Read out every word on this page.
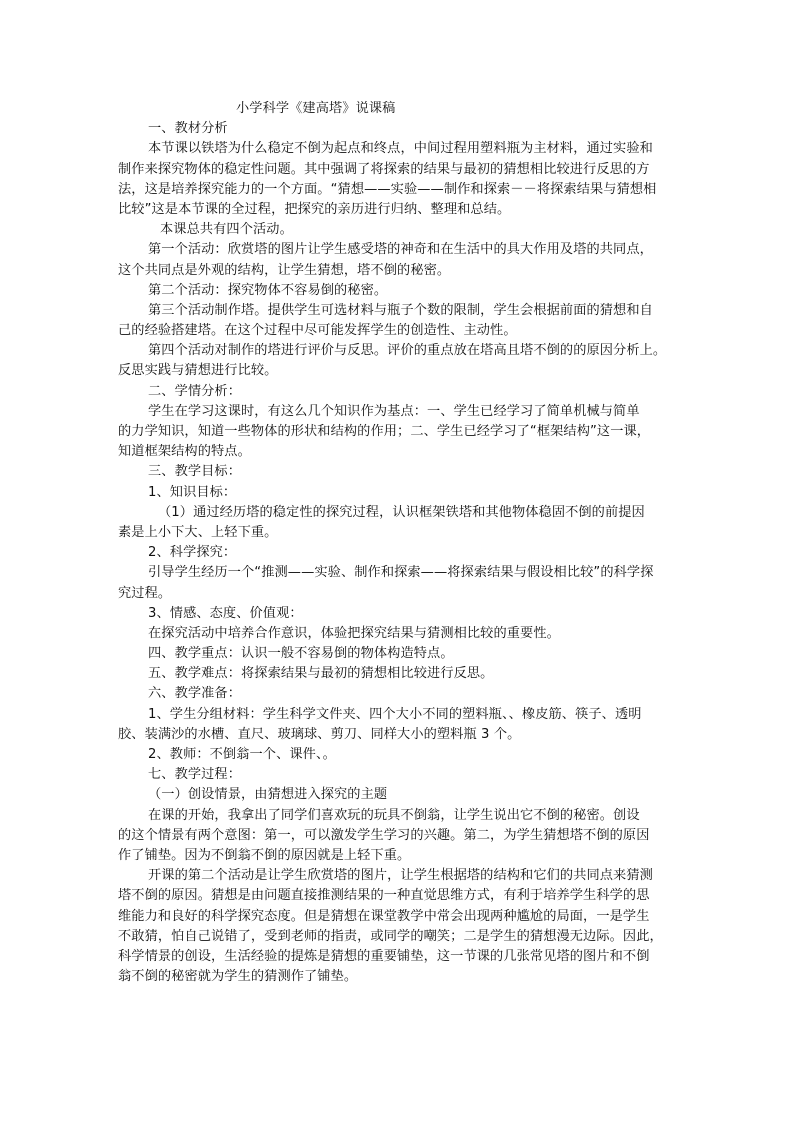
小学科学《建高塔》说课稿
一、教材分析
本节课以铁塔为什么稳定不倒为起点和终点，中间过程用塑料瓶为主材料，通过实验和
制作来探究物体的稳定性问题。其中强调了将探索的结果与最初的猜想相比较进行反思的方
法，这是培养探究能力的一个方面。“猜想——实验——制作和探索－－将探索结果与猜想相
比较”这是本节课的全过程，把探究的亲历进行归纳、整理和总结。
本课总共有四个活动。
第一个活动：欣赏塔的图片让学生感受塔的神奇和在生活中的具大作用及塔的共同点，
这个共同点是外观的结构，让学生猜想，塔不倒的秘密。
第二个活动：探究物体不容易倒的秘密。
第三个活动制作塔。提供学生可选材料与瓶子个数的限制，学生会根据前面的猜想和自
己的经验搭建塔。在这个过程中尽可能发挥学生的创造性、主动性。
第四个活动对制作的塔进行评价与反思。评价的重点放在塔高且塔不倒的的原因分析上。
反思实践与猜想进行比较。
二、学情分析：
学生在学习这课时，有这么几个知识作为基点：一、学生已经学习了简单机械与简单
的力学知识，知道一些物体的形状和结构的作用；二、学生已经学习了“框架结构”这一课，
知道框架结构的特点。
三、教学目标：
1、知识目标：
（1）通过经历塔的稳定性的探究过程，认识框架铁塔和其他物体稳固不倒的前提因
素是上小下大、上轻下重。
2、科学探究：
引导学生经历一个“推测——实验、制作和探索——将探索结果与假设相比较”的科学探
究过程。
3、情感、态度、价值观：
在探究活动中培养合作意识，体验把探究结果与猜测相比较的重要性。
四、教学重点：认识一般不容易倒的物体构造特点。
五、教学难点：将探索结果与最初的猜想相比较进行反思。
六、教学准备：
1、学生分组材料：学生科学文件夹、四个大小不同的塑料瓶、、橡皮筋、筷子、透明
胶、装满沙的水槽、直尺、玻璃球、剪刀、同样大小的塑料瓶 3 个。
2、教师：不倒翁一个、课件、。
七、教学过程：
（一）创设情景，由猜想进入探究的主题
在课的开始，我拿出了同学们喜欢玩的玩具不倒翁，让学生说出它不倒的秘密。创设
的这个情景有两个意图：第一，可以激发学生学习的兴趣。第二，为学生猜想塔不倒的原因
作了铺垫。因为不倒翁不倒的原因就是上轻下重。
开课的第二个活动是让学生欣赏塔的图片，让学生根据塔的结构和它们的共同点来猜测
塔不倒的原因。猜想是由问题直接推测结果的一种直觉思维方式，有利于培养学生科学的思
维能力和良好的科学探究态度。但是猜想在课堂教学中常会出现两种尴尬的局面，一是学生
不敢猜，怕自己说错了，受到老师的指责，或同学的嘲笑；二是学生的猜想漫无边际。因此，
科学情景的创设，生活经验的提炼是猜想的重要铺垫，这一节课的几张常见塔的图片和不倒
翁不倒的秘密就为学生的猜测作了铺垫。
